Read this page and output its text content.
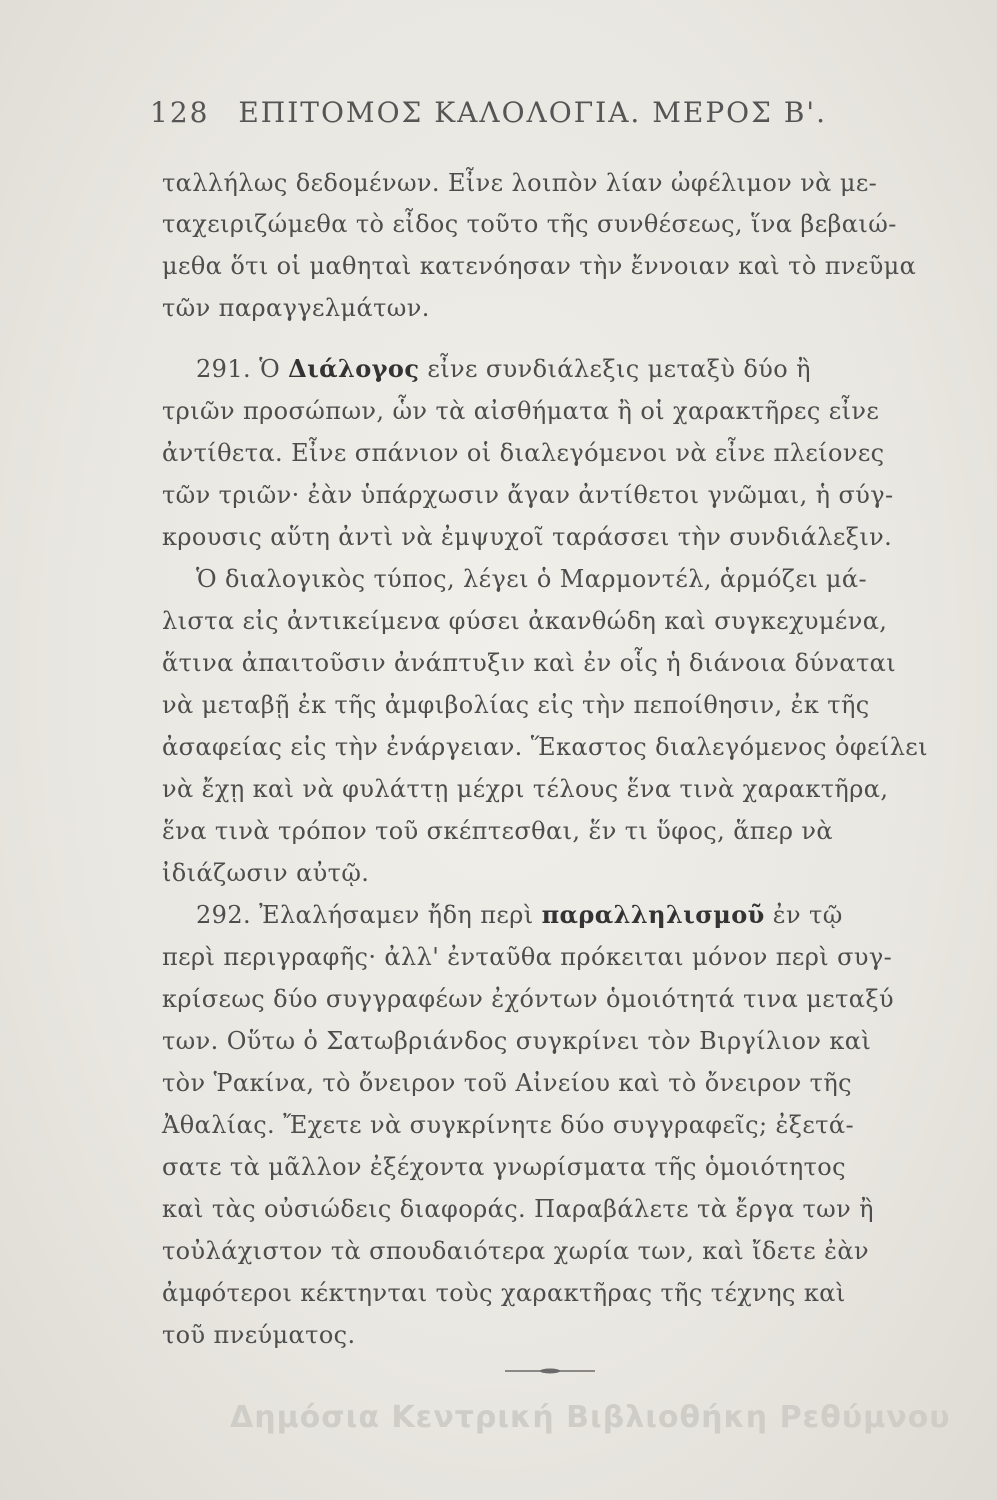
128 ΕΠΙΤΟΜΟΣ ΚΑΛΟΛΟΓΙΑ. ΜΕΡΟΣ Β'.
ταλλήλως δεδομένων. Εἶνε λοιπὸν λίαν ὠφέλιμον νὰ με-
ταχειριζώμεθα τὸ εἶδος τοῦτο τῆς συνθέσεως, ἵνα βεβαιώ-
μεθα ὅτι οἱ μαθηταὶ κατενόησαν τὴν ἔννοιαν καὶ τὸ πνεῦμα
τῶν παραγγελμάτων.
291. Ὁ Διάλογος εἶνε συνδιάλεξις μεταξὺ δύο ἢ
τριῶν προσώπων, ὧν τὰ αἰσθήματα ἢ οἱ χαρακτῆρες εἶνε
ἀντίθετα. Εἶνε σπάνιον οἱ διαλεγόμενοι νὰ εἶνε πλείονες
τῶν τριῶν· ἐὰν ὑπάρχωσιν ἄγαν ἀντίθετοι γνῶμαι, ἡ σύγ-
κρουσις αὕτη ἀντὶ νὰ ἐμψυχοῖ ταράσσει τὴν συνδιάλεξιν.
Ὁ διαλογικὸς τύπος, λέγει ὁ Μαρμοντέλ, ἁρμόζει μά-
λιστα εἰς ἀντικείμενα φύσει ἀκανθώδη καὶ συγκεχυμένα,
ἅτινα ἀπαιτοῦσιν ἀνάπτυξιν καὶ ἐν οἷς ἡ διάνοια δύναται
νὰ μεταβῇ ἐκ τῆς ἀμφιβολίας εἰς τὴν πεποίθησιν, ἐκ τῆς
ἀσαφείας εἰς τὴν ἐνάργειαν. Ἕκαστος διαλεγόμενος ὀφείλει
νὰ ἔχῃ καὶ νὰ φυλάττῃ μέχρι τέλους ἕνα τινὰ χαρακτῆρα,
ἕνα τινὰ τρόπον τοῦ σκέπτεσθαι, ἕν τι ὕφος, ἅπερ νὰ
ἰδιάζωσιν αὐτῷ.
292. Ἐλαλήσαμεν ἤδη περὶ παραλληλισμοῦ ἐν τῷ
περὶ περιγραφῆς· ἀλλ' ἐνταῦθα πρόκειται μόνον περὶ συγ-
κρίσεως δύο συγγραφέων ἐχόντων ὁμοιότητά τινα μεταξύ
των. Οὕτω ὁ Σατωβριάνδος συγκρίνει τὸν Βιργίλιον καὶ
τὸν Ῥακίνα, τὸ ὄνειρον τοῦ Αἰνείου καὶ τὸ ὄνειρον τῆς
Ἀθαλίας. Ἔχετε νὰ συγκρίνητε δύο συγγραφεῖς; ἐξετά-
σατε τὰ μᾶλλον ἐξέχοντα γνωρίσματα τῆς ὁμοιότητος
καὶ τὰς οὐσιώδεις διαφοράς. Παραβάλετε τὰ ἔργα των ἢ
τοὐλάχιστον τὰ σπουδαιότερα χωρία των, καὶ ἴδετε ἐὰν
ἀμφότεροι κέκτηνται τοὺς χαρακτῆρας τῆς τέχνης καὶ
τοῦ πνεύματος.
Δημόσια Κεντρική Βιβλιοθήκη Ρεθύμνου
